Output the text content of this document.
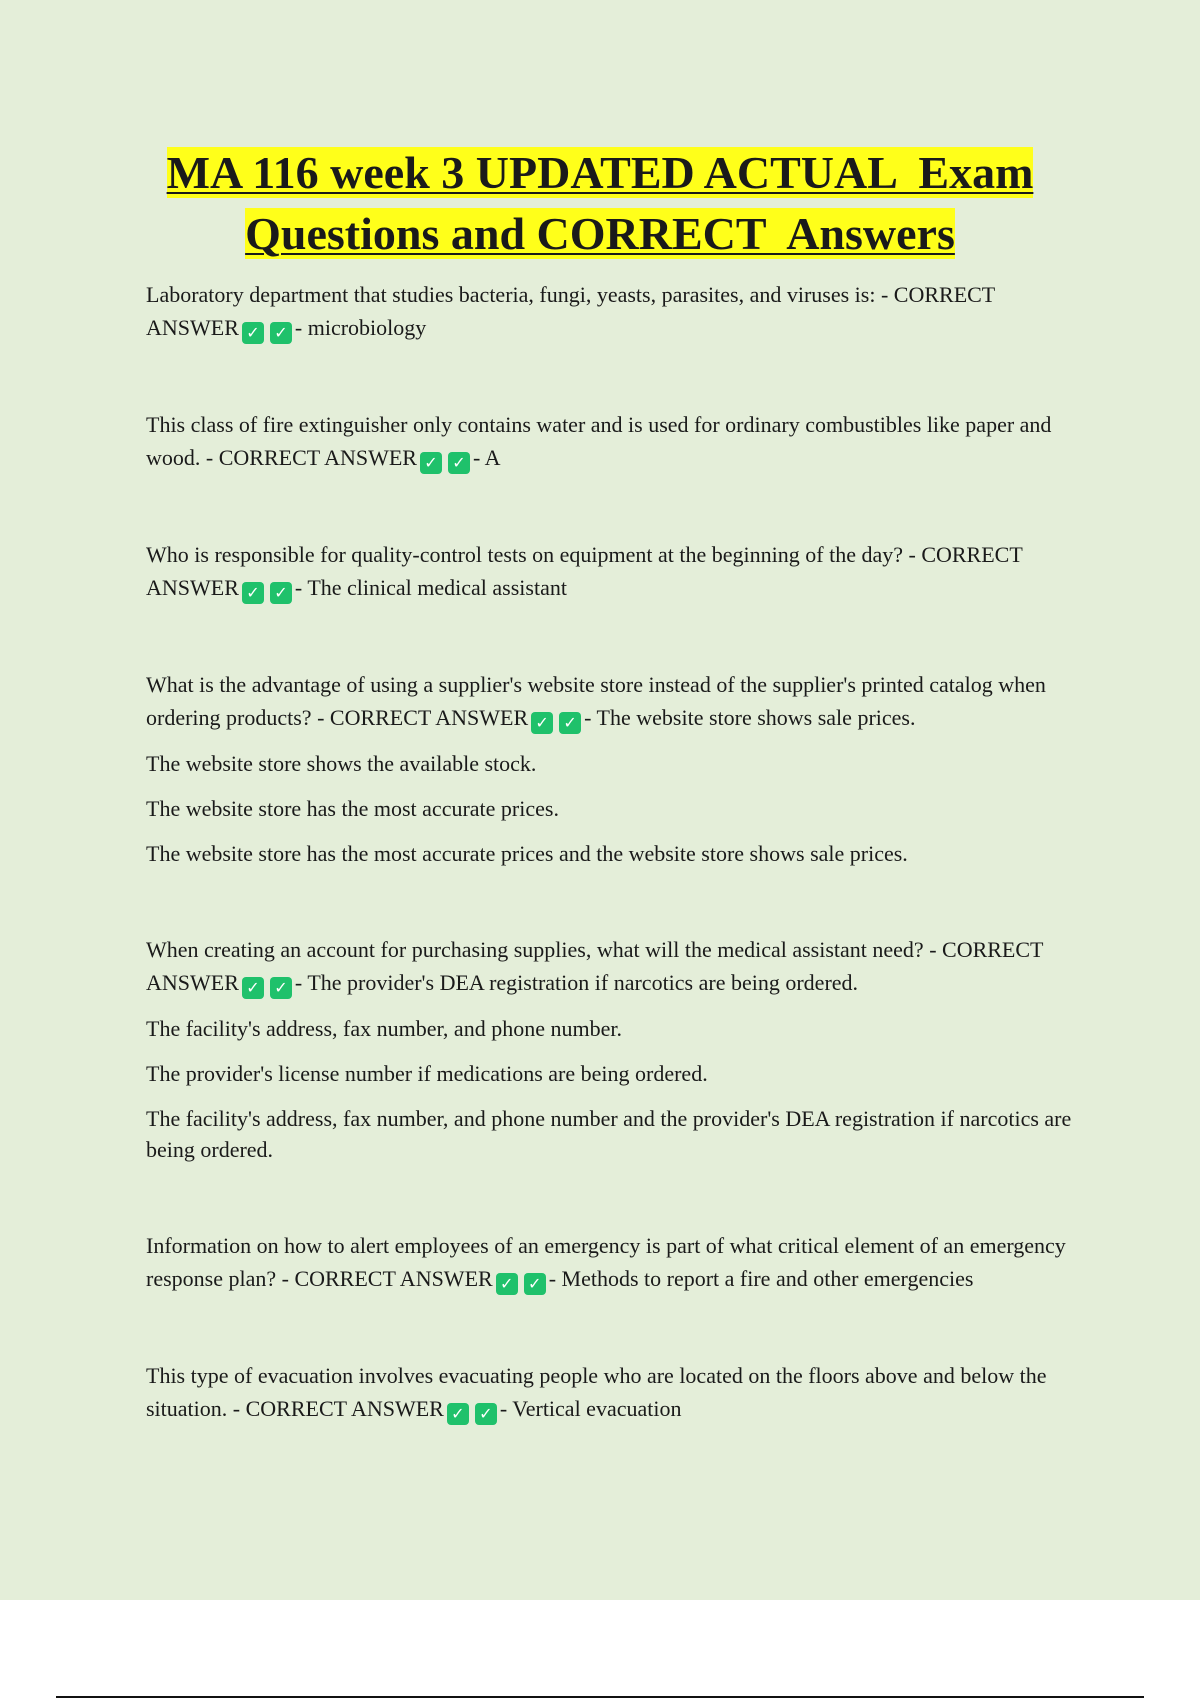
MA 116 week 3 UPDATED ACTUAL  Exam
Questions and CORRECT  Answers

Laboratory department that studies bacteria, fungi, yeasts, parasites, and viruses is: - CORRECT ANSWER ✓ ✓ - microbiology

This class of fire extinguisher only contains water and is used for ordinary combustibles like paper and wood. - CORRECT ANSWER ✓ ✓ - A

Who is responsible for quality-control tests on equipment at the beginning of the day? - CORRECT ANSWER ✓ ✓ - The clinical medical assistant

What is the advantage of using a supplier's website store instead of the supplier's printed catalog when ordering products? - CORRECT ANSWER ✓ ✓ - The website store shows sale prices.

The website store shows the available stock.

The website store has the most accurate prices.

The website store has the most accurate prices and the website store shows sale prices.

When creating an account for purchasing supplies, what will the medical assistant need? - CORRECT ANSWER ✓ ✓ - The provider's DEA registration if narcotics are being ordered.

The facility's address, fax number, and phone number.

The provider's license number if medications are being ordered.

The facility's address, fax number, and phone number and the provider's DEA registration if narcotics are being ordered.

Information on how to alert employees of an emergency is part of what critical element of an emergency response plan? - CORRECT ANSWER ✓ ✓ - Methods to report a fire and other emergencies

This type of evacuation involves evacuating people who are located on the floors above and below the situation. - CORRECT ANSWER ✓ ✓ - Vertical evacuation
